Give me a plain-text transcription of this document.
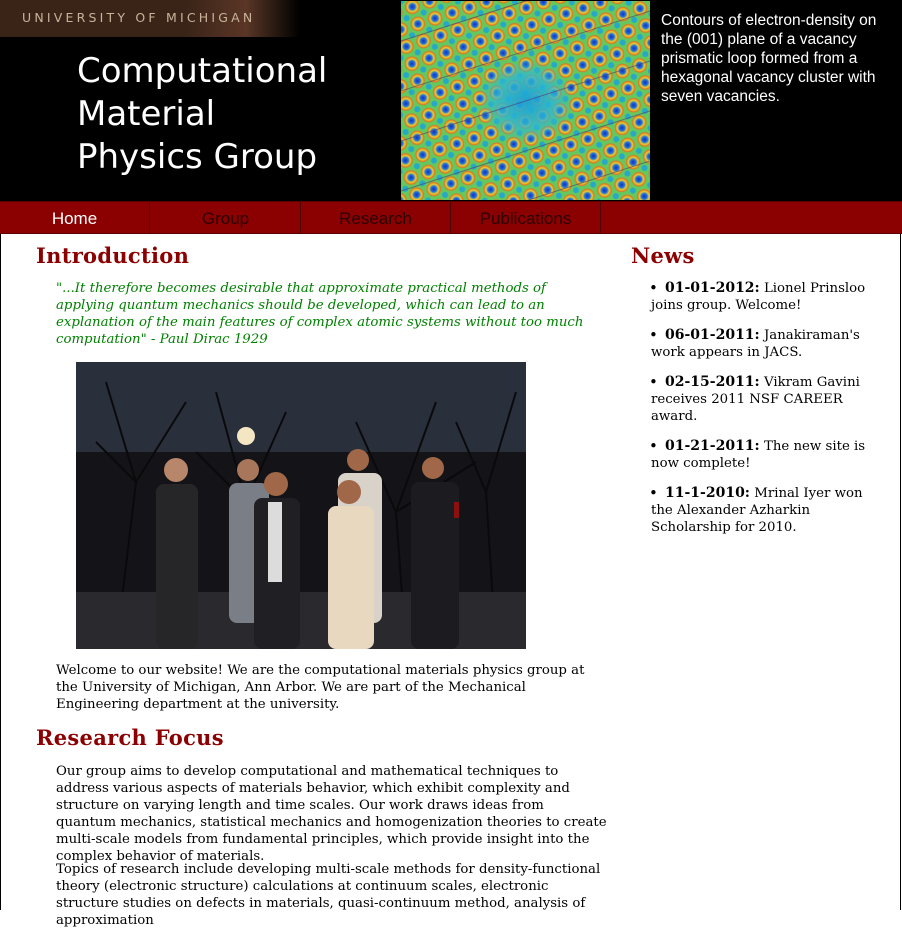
UNIVERSITY OF MICHIGAN
Computational
Material
Physics Group
Contours of electron-density on the (001) plane of a vacancy prismatic loop formed from a hexagonal vacancy cluster with seven vacancies.
Home	Group	Research	Publications
Introduction
"...It therefore becomes desirable that approximate practical methods of applying quantum mechanics should be developed, which can lead to an explanation of the main features of complex atomic systems without too much computation" - Paul Dirac 1929
Welcome to our website! We are the computational materials physics group at the University of Michigan, Ann Arbor. We are part of the Mechanical Engineering department at the university.
Research Focus
Our group aims to develop computational and mathematical techniques to address various aspects of materials behavior, which exhibit complexity and structure on varying length and time scales. Our work draws ideas from quantum mechanics, statistical mechanics and homogenization theories to create multi-scale models from fundamental principles, which provide insight into the complex behavior of materials.
Topics of research include developing multi-scale methods for density-functional theory (electronic structure) calculations at continuum scales, electronic structure studies on defects in materials, quasi-continuum method, analysis of approximation
News
• 01-01-2012: Lionel Prinsloo joins group. Welcome!
• 06-01-2011: Janakiraman's work appears in JACS.
• 02-15-2011: Vikram Gavini receives 2011 NSF CAREER award.
• 01-21-2011: The new site is now complete!
• 11-1-2010: Mrinal Iyer won the Alexander Azharkin Scholarship for 2010.
